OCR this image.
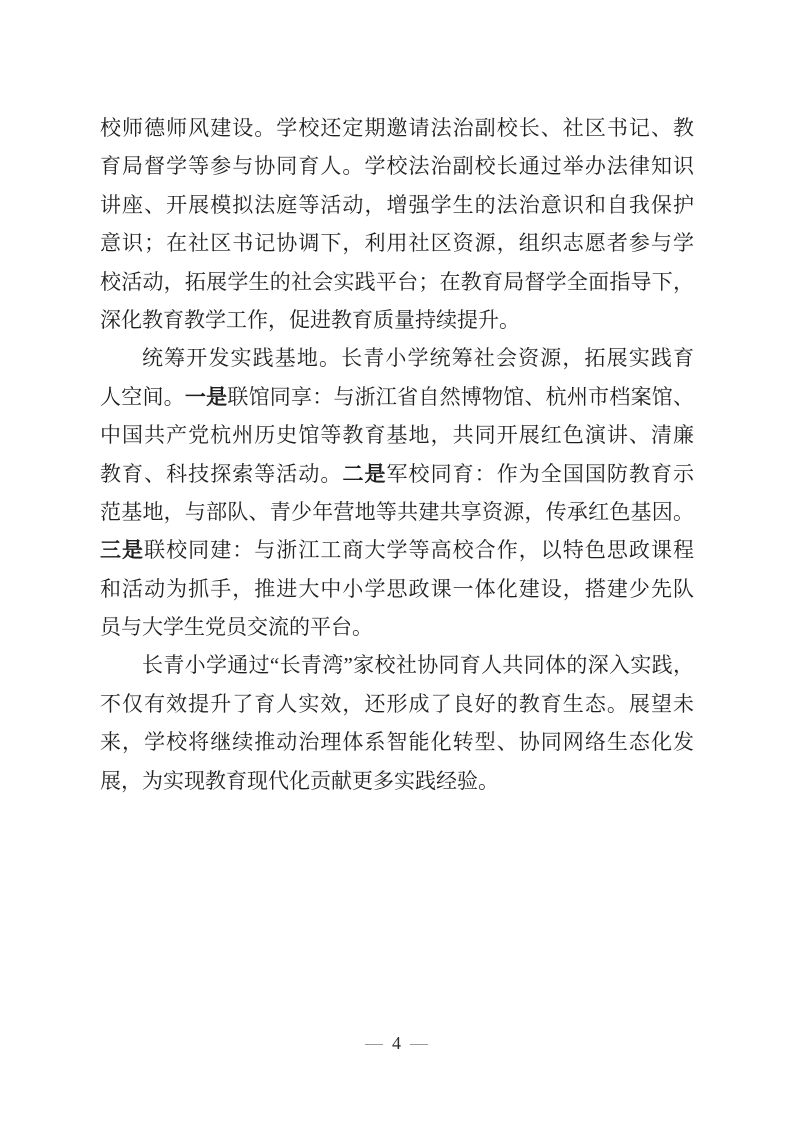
校师德师风建设。学校还定期邀请法治副校长、社区书记、教
育局督学等参与协同育人。学校法治副校长通过举办法律知识
讲座、开展模拟法庭等活动，增强学生的法治意识和自我保护
意识；在社区书记协调下，利用社区资源，组织志愿者参与学
校活动，拓展学生的社会实践平台；在教育局督学全面指导下，
深化教育教学工作，促进教育质量持续提升。
统筹开发实践基地。长青小学统筹社会资源，拓展实践育
人空间。一是联馆同享：与浙江省自然博物馆、杭州市档案馆、
中国共产党杭州历史馆等教育基地，共同开展红色演讲、清廉
教育、科技探索等活动。二是军校同育：作为全国国防教育示
范基地，与部队、青少年营地等共建共享资源，传承红色基因。
三是联校同建：与浙江工商大学等高校合作，以特色思政课程
和活动为抓手，推进大中小学思政课一体化建设，搭建少先队
员与大学生党员交流的平台。
长青小学通过“长青湾”家校社协同育人共同体的深入实践，
不仅有效提升了育人实效，还形成了良好的教育生态。展望未
来，学校将继续推动治理体系智能化转型、协同网络生态化发
展，为实现教育现代化贡献更多实践经验。
— 4 —
